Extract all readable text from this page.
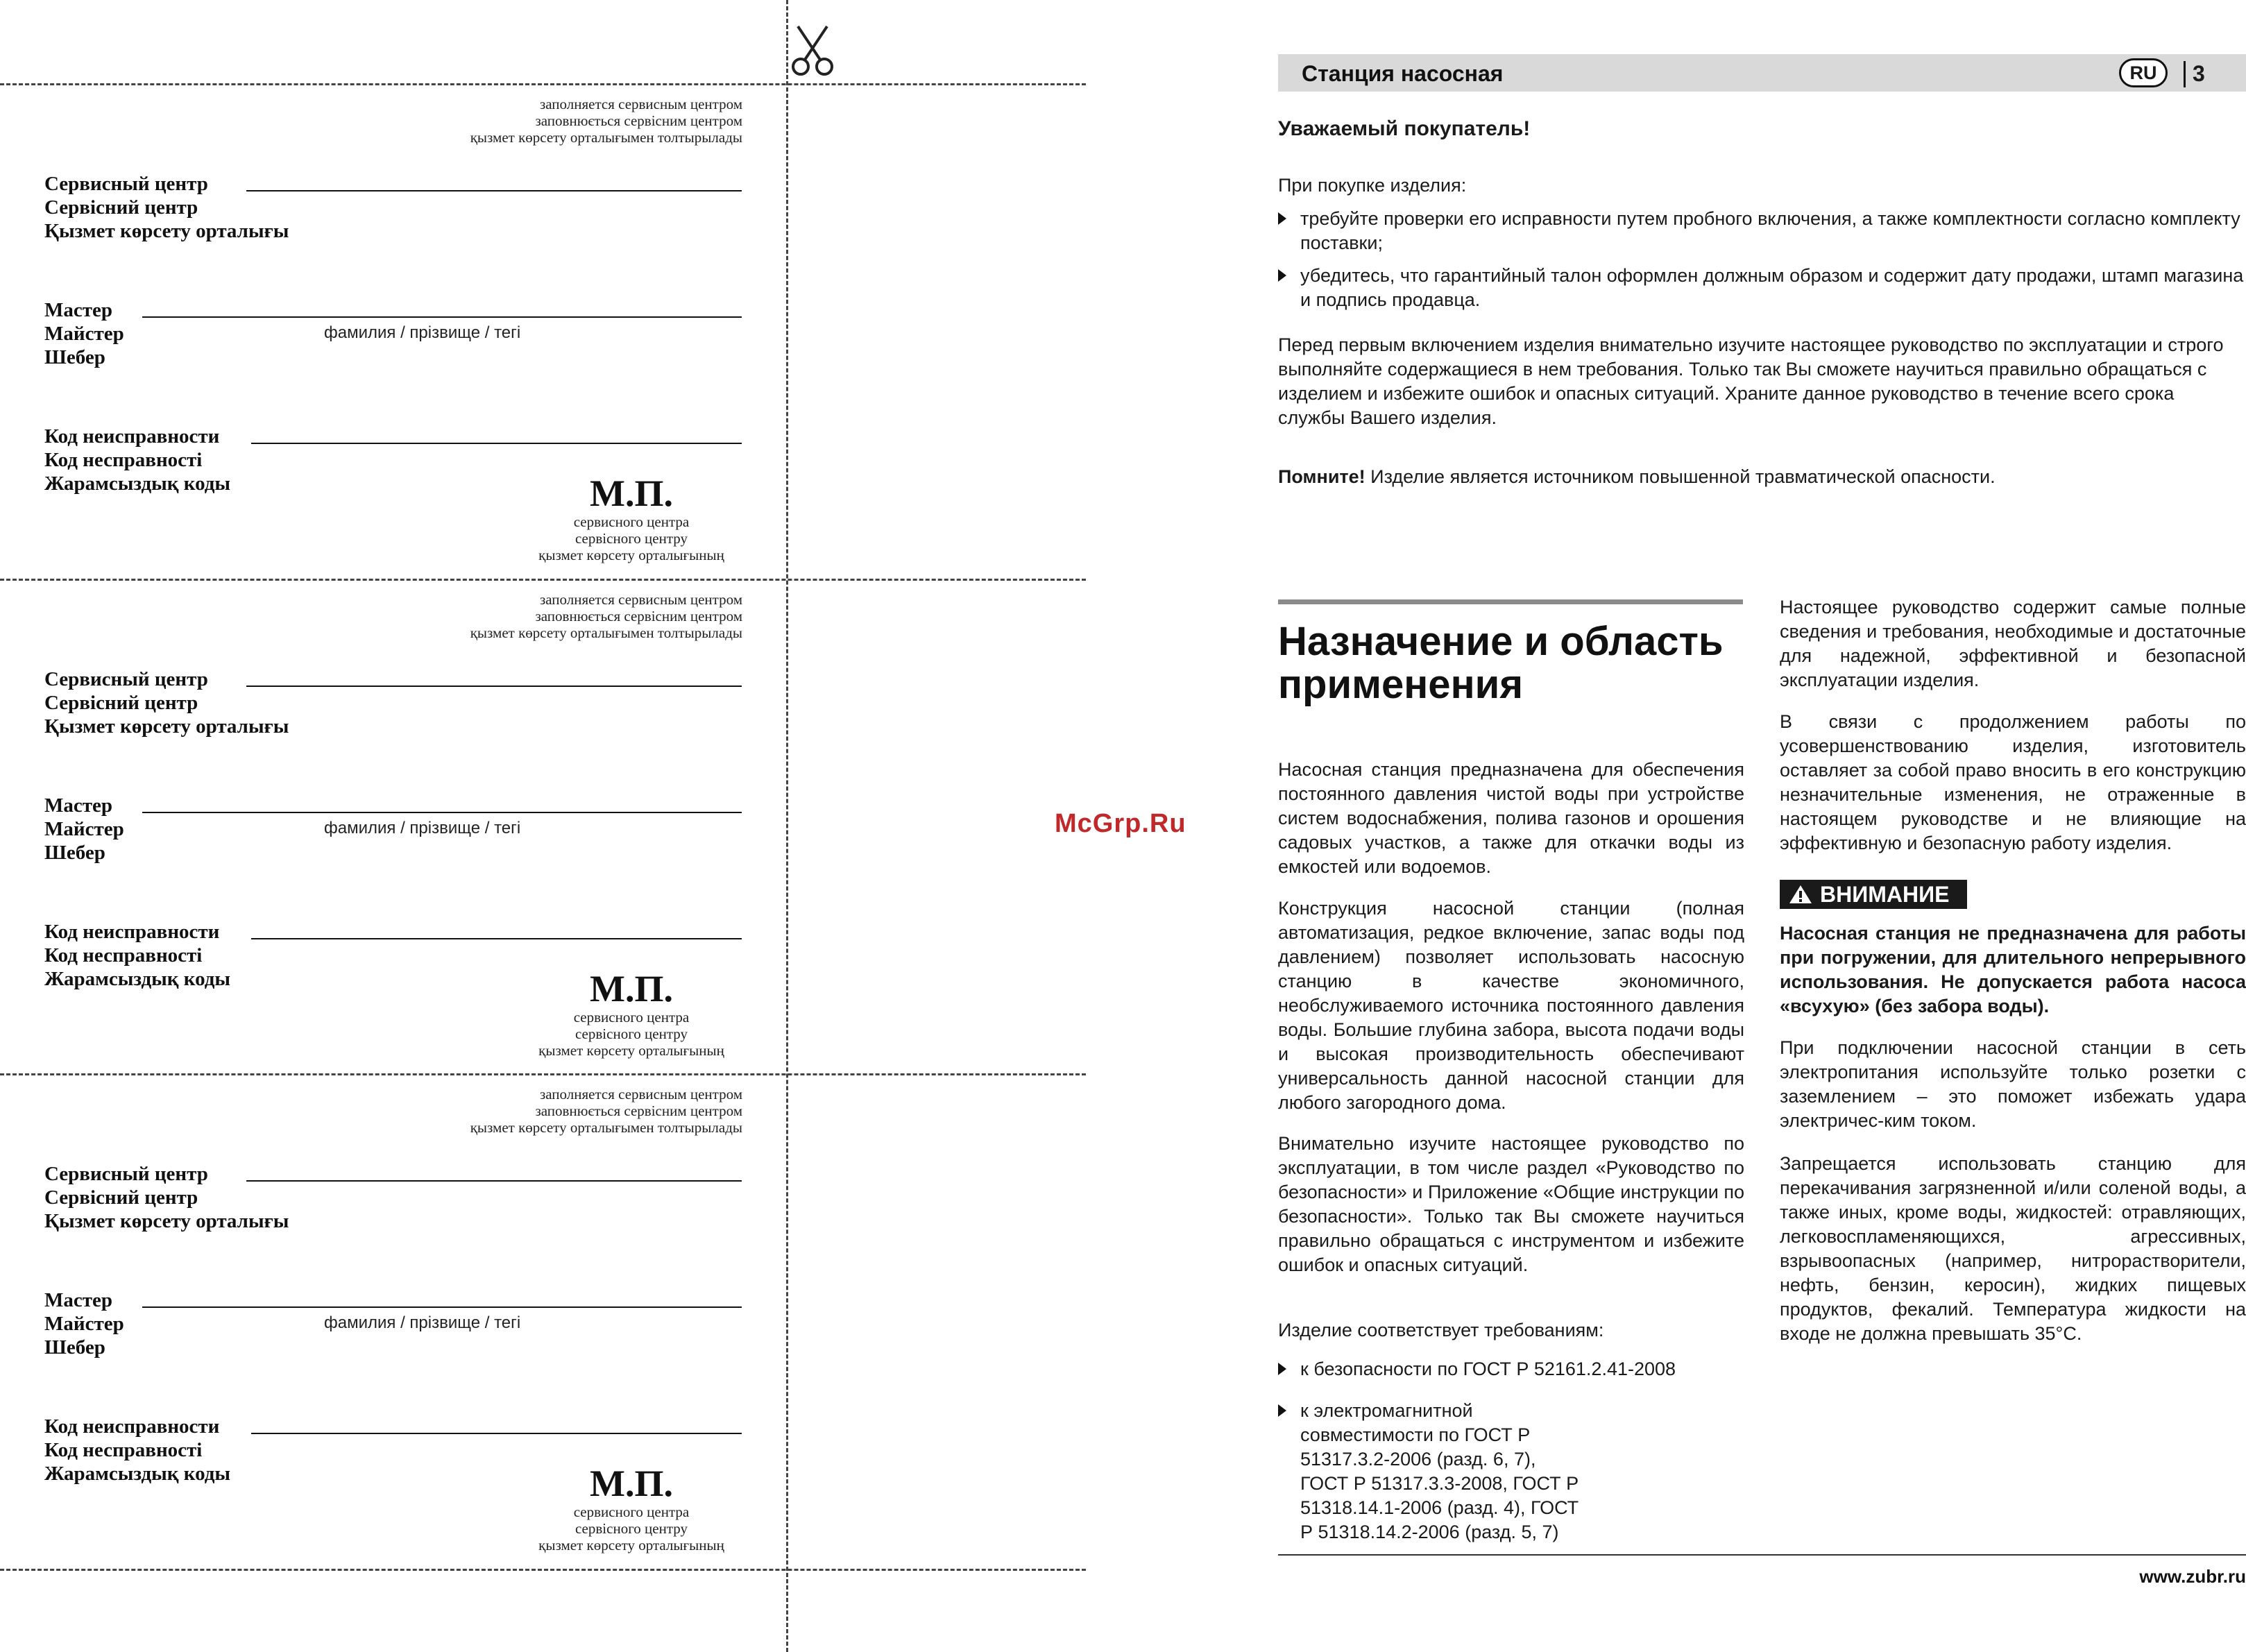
заполняется сервисным центром
заповнюється сервісним центром
қызмет көрсету орталығымен толтырылады
Сервисный центр
Сервісний центр
Қызмет көрсету орталығы
Мастер
Майстер
Шебер
фамилия / прізвище / тегі
Код неисправности
Код несправності
Жарамсыздық коды	М.П.
сервисного центра
сервісного центру
қызмет көрсету орталығының
заполняется сервисным центром
заповнюється сервісним центром
қызмет көрсету орталығымен толтырылады
Сервисный центр
Сервісний центр
Қызмет көрсету орталығы
Мастер
Майстер
Шебер
фамилия / прізвище / тегі
Код неисправности
Код несправності
Жарамсыздық коды	М.П.
сервисного центра
сервісного центру
қызмет көрсету орталығының
заполняется сервисным центром
заповнюється сервісним центром
қызмет көрсету орталығымен толтырылады
Сервисный центр
Сервісний центр
Қызмет көрсету орталығы
Мастер
Майстер
Шебер
фамилия / прізвище / тегі
Код неисправности
Код несправності
Жарамсыздық коды	М.П.
сервисного центра
сервісного центру
қызмет көрсету орталығының
McGrp.Ru
Станция насосная	RU	3
Уважаемый покупатель!
При покупке изделия:
требуйте проверки его исправности путем пробного включения, а также комплектности согласно комплекту поставки;
убедитесь, что гарантийный талон оформлен должным образом и содержит дату продажи, штамп магазина и подпись продавца.
Перед первым включением изделия внимательно изучите настоящее руководство по эксплуатации и строго выполняйте содержащиеся в нем требования. Только так Вы сможете научиться правильно обращаться с изделием и избежите ошибок и опасных ситуаций. Храните данное руководство в течение всего срока службы Вашего изделия.
Помните! Изделие является источником повышенной травматической опасности.
Назначение и область применения
Насосная станция предназначена для обеспечения постоянного давления чистой воды при устройстве систем водоснабжения, полива газонов и орошения садовых участков, а также для откачки воды из емкостей или водоемов.
Конструкция насосной станции (полная автоматизация, редкое включение, запас воды под давлением) позволяет использовать насосную станцию в качестве экономичного, необслуживаемого источника постоянного давления воды. Большие глубина забора, высота подачи воды и высокая производительность обеспечивают универсальность данной насосной станции для любого загородного дома.
Внимательно изучите настоящее руководство по эксплуатации, в том числе раздел «Руководство по безопасности» и Приложение «Общие инструкции по безопасности». Только так Вы сможете научиться правильно обращаться с инструментом и избежите ошибок и опасных ситуаций.
Изделие соответствует требованиям:
к безопасности по ГОСТ Р 52161.2.41-2008
к электромагнитной совместимости по ГОСТ Р 51317.3.2-2006 (разд. 6, 7), ГОСТ Р 51317.3.3-2008, ГОСТ Р 51318.14.1-2006 (разд. 4), ГОСТ Р 51318.14.2-2006 (разд. 5, 7)
Настоящее руководство содержит самые полные сведения и требования, необходимые и достаточные для надежной, эффективной и безопасной эксплуатации изделия.
В связи с продолжением работы по усовершенствованию изделия, изготовитель оставляет за собой право вносить в его конструкцию незначительные изменения, не отраженные в настоящем руководстве и не влияющие на эффективную и безопасную работу изделия.
ВНИМАНИЕ
Насосная станция не предназначена для работы при погружении, для длительного непрерывного использования. Не допускается работа насоса «всухую» (без забора воды).
При подключении насосной станции в сеть электропитания используйте только розетки с заземлением – это поможет избежать удара электричес-ким током.
Запрещается использовать станцию для перекачивания загрязненной и/или соленой воды, а также иных, кроме воды, жидкостей: отравляющих, легковоспламеняющихся, агрессивных, взрывоопасных (например, нитрорастворители, нефть, бензин, керосин), жидких пищевых продуктов, фекалий. Температура жидкости на входе не должна превышать 35°С.
www.zubr.ru
